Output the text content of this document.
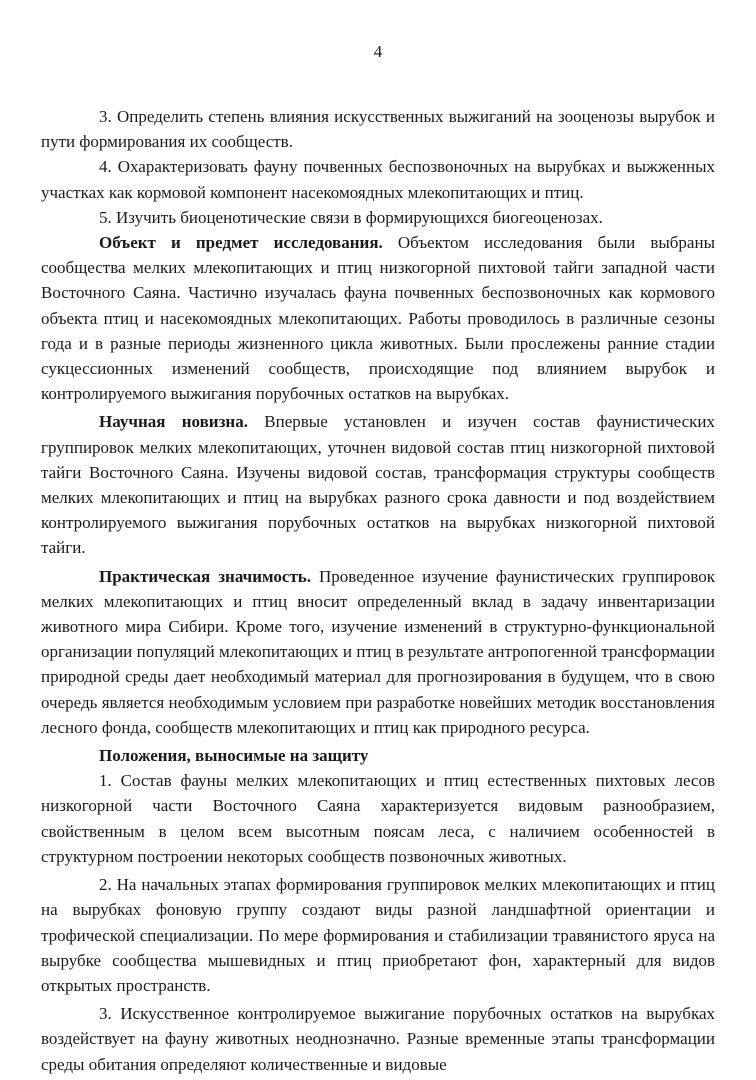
4

3. Определить степень влияния искусственных выжиганий на зооценозы вырубок и пути формирования их сообществ.

4. Охарактеризовать фауну почвенных беспозвоночных на вырубках и выжженных участках как кормовой компонент насекомоядных млекопитающих и птиц.

5. Изучить биоценотические связи в формирующихся биогеоценозах.

Объект и предмет исследования. Объектом исследования были выбраны сообщества мелких млекопитающих и птиц низкогорной пихтовой тайги западной части Восточного Саяна. Частично изучалась фауна почвенных беспозвоночных как кормового объекта птиц и насекомоядных млекопитающих. Работы проводилось в различные сезоны года и в разные периоды жизненного цикла животных. Были прослежены ранние стадии сукцессионных изменений сообществ, происходящие под влиянием вырубок и контролируемого выжигания порубочных остатков на вырубках.

Научная новизна. Впервые установлен и изучен состав фаунистических группировок мелких млекопитающих, уточнен видовой состав птиц низкогорной пихтовой тайги Восточного Саяна. Изучены видовой состав, трансформация структуры сообществ мелких млекопитающих и птиц на вырубках разного срока давности и под воздействием контролируемого выжигания порубочных остатков на вырубках низкогорной пихтовой тайги.

Практическая значимость. Проведенное изучение фаунистических группировок мелких млекопитающих и птиц вносит определенный вклад в задачу инвентаризации животного мира Сибири. Кроме того, изучение изменений в структурно-функциональной организации популяций млекопитающих и птиц в результате антропогенной трансформации природной среды дает необходимый материал для прогнозирования в будущем, что в свою очередь является необходимым условием при разработке новейших методик восстановления лесного фонда, сообществ млекопитающих и птиц как природного ресурса.

Положения, выносимые на защиту

1. Состав фауны мелких млекопитающих и птиц естественных пихтовых лесов низкогорной части Восточного Саяна характеризуется видовым разнообразием, свойственным в целом всем высотным поясам леса, с наличием особенностей в структурном построении некоторых сообществ позвоночных животных.

2. На начальных этапах формирования группировок мелких млекопитающих и птиц на вырубках фоновую группу создают виды разной ландшафтной ориентации и трофической специализации. По мере формирования и стабилизации травянистого яруса на вырубке сообщества мышевидных и птиц приобретают фон, характерный для видов открытых пространств.

3. Искусственное контролируемое выжигание порубочных остатков на вырубках воздействует на фауну животных неоднозначно. Разные временные этапы трансформации среды обитания определяют количественные и видовые
